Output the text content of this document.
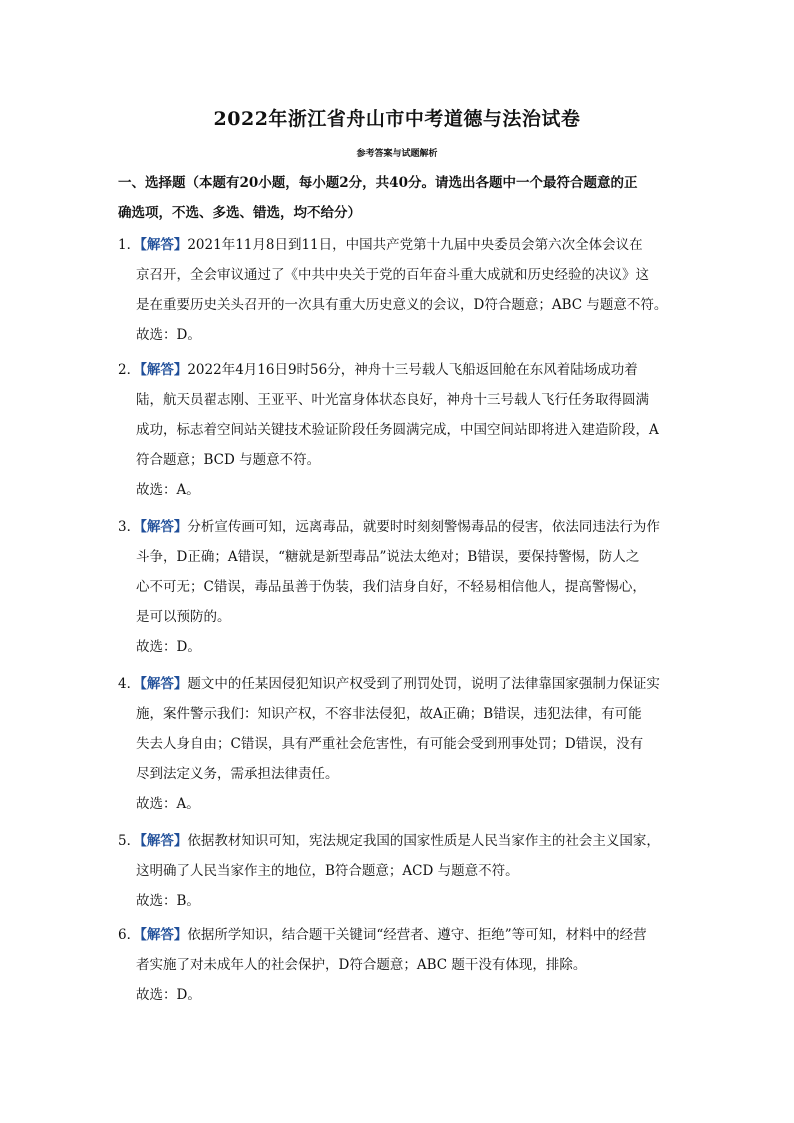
2022年浙江省舟山市中考道德与法治试卷
参考答案与试题解析
一、选择题（本题有20小题，每小题2分，共40分。请选出各题中一个最符合题意的正
确选项，不选、多选、错选，均不给分）
1．【解答】2021年11月8日到11日，中国共产党第十九届中央委员会第六次全体会议在
京召开，全会审议通过了《中共中央关于党的百年奋斗重大成就和历史经验的决议》这
是在重要历史关头召开的一次具有重大历史意义的会议，D符合题意；ABC 与题意不符。
故选：D。
2．【解答】2022年4月16日9时56分，神舟十三号载人飞船返回舱在东风着陆场成功着
陆，航天员翟志刚、王亚平、叶光富身体状态良好，神舟十三号载人飞行任务取得圆满
成功，标志着空间站关键技术验证阶段任务圆满完成，中国空间站即将进入建造阶段，A
符合题意；BCD 与题意不符。
故选：A。
3．【解答】分析宣传画可知，远离毒品，就要时时刻刻警惕毒品的侵害，依法同违法行为作
斗争，D正确；A错误，“糖就是新型毒品”说法太绝对；B错误，要保持警惕，防人之
心不可无；C错误，毒品虽善于伪装，我们洁身自好，不轻易相信他人，提高警惕心，
是可以预防的。
故选：D。
4．【解答】题文中的任某因侵犯知识产权受到了刑罚处罚，说明了法律靠国家强制力保证实
施，案件警示我们：知识产权，不容非法侵犯，故A正确；B错误，违犯法律，有可能
失去人身自由；C错误，具有严重社会危害性，有可能会受到刑事处罚；D错误，没有
尽到法定义务，需承担法律责任。
故选：A。
5．【解答】依据教材知识可知，宪法规定我国的国家性质是人民当家作主的社会主义国家，
这明确了人民当家作主的地位，B符合题意；ACD 与题意不符。
故选：B。
6．【解答】依据所学知识，结合题干关键词“经营者、遵守、拒绝”等可知，材料中的经营
者实施了对未成年人的社会保护，D符合题意；ABC 题干没有体现，排除。
故选：D。
